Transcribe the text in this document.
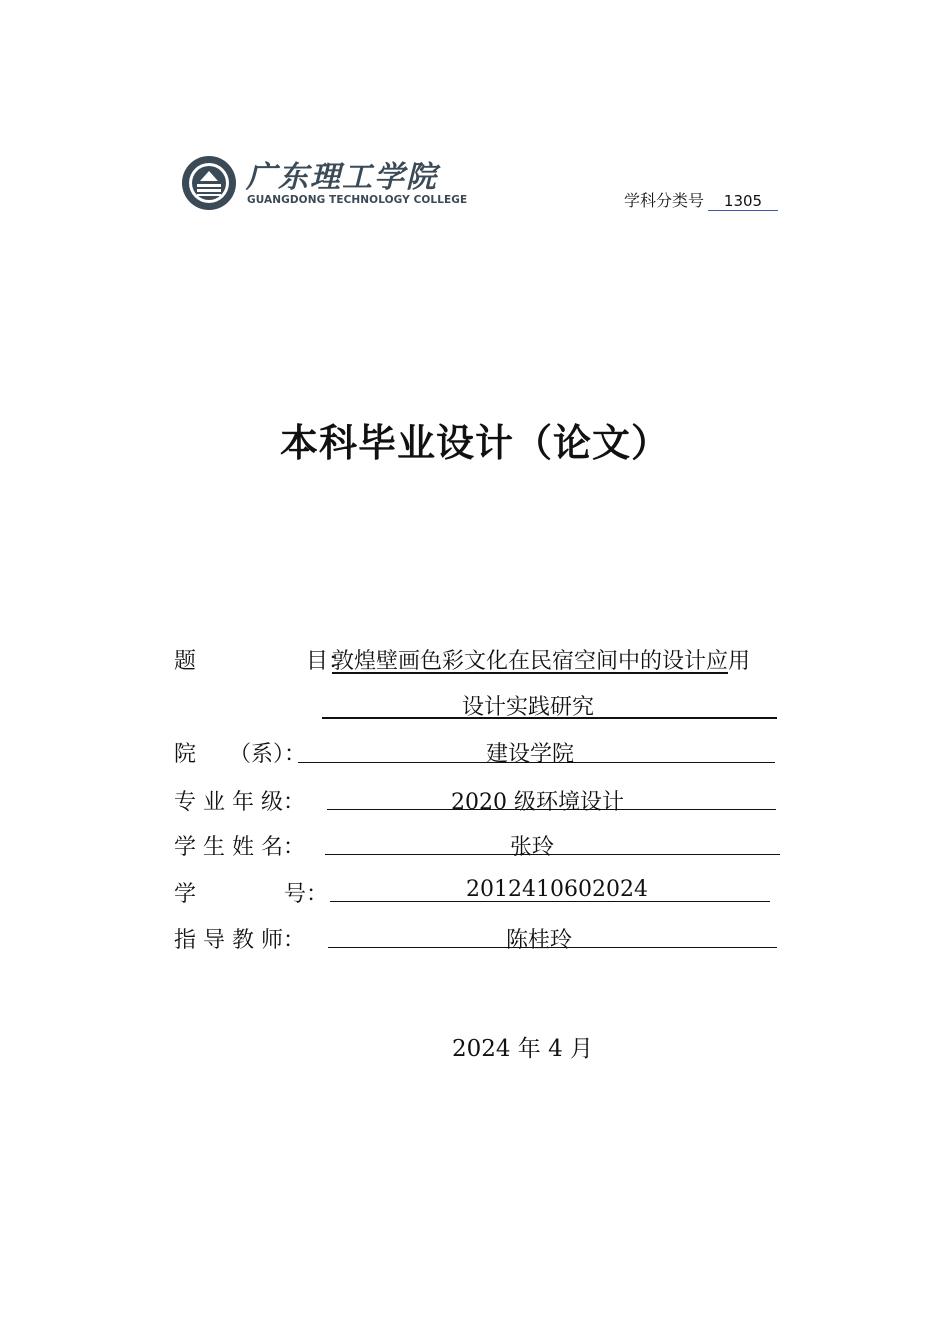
广东理工学院
GUANGDONG TECHNOLOGY COLLEGE	学科分类号 1305
本科毕业设计（论文）
题　　　　　目：
敦煌壁画色彩文化在民宿空间中的设计应用
设计实践研究
院　　（系）：	建设学院
专 业 年 级：	2020 级环境设计
学 生 姓 名：	张玲
学　　　　号：	2012410602024
指 导 教 师：	陈桂玲
2024 年 4 月
